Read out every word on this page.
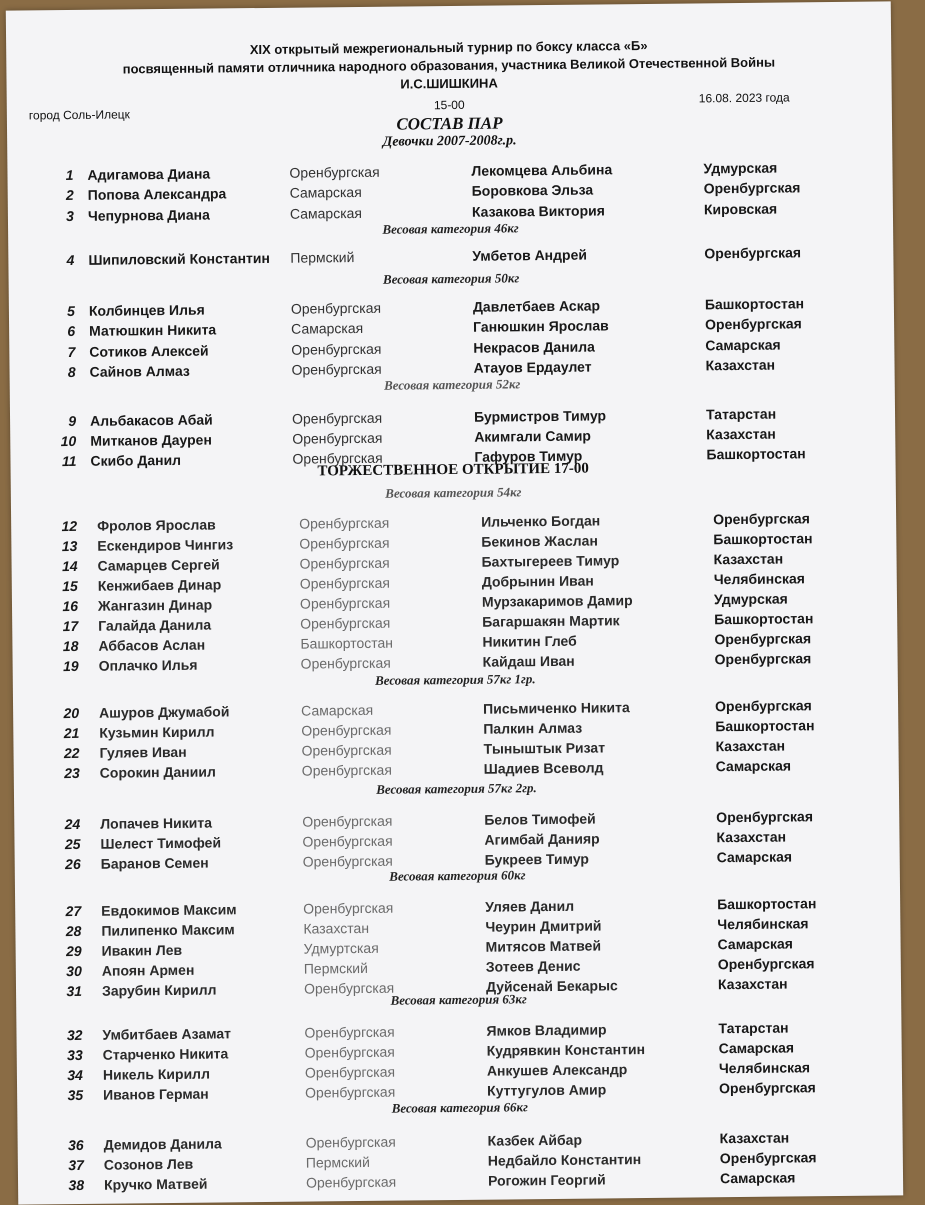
XIX открытый межрегиональный турнир по боксу класса «Б»
посвященный памяти отличника народного образования, участника Великой Отечественной Войны
И.С.ШИШКИНА
город Соль-Илецк
15-00	16.08. 2023 года
СОСТАВ ПАР
Девочки 2007-2008г.р.
Весовая категория 46кг
Весовая категория 50кг
Весовая категория 52кг
ТОРЖЕСТВЕННОЕ ОТКРЫТИЕ 17-00
Весовая категория 54кг
Весовая категория 57кг 1гр.
Весовая категория 57кг 2гр.
Весовая категория 60кг
Весовая категория 63кг
Весовая категория 66кг
1 Адигамова Диана	Оренбургская	Лекомцева Альбина	Удмурская
2 Попова Александра	Самарская	Боровкова Эльза	Оренбургская
3 Чепурнова Диана	Самарская	Казакова Виктория	Кировская
4 Шипиловский Константин Пермский	Умбетов Андрей	Оренбургская
5 Колбинцев Илья	Оренбургская	Давлетбаев Аскар	Башкортостан
6 Матюшкин Никита	Самарская	Ганюшкин Ярослав	Оренбургская
7 Сотиков Алексей	Оренбургская	Некрасов Данила	Самарская
8 Сайнов Алмаз	Оренбургская	Атауов Ердаулет	Казахстан
9 Альбакасов Абай	Оренбургская	Бурмистров Тимур	Татарстан
10 Митканов Даурен	Оренбургская	Акимгали Самир	Казахстан
11 Скибо Данил	Оренбургская	Гафуров Тимур	Башкортостан
12 Фролов Ярослав	Оренбургская	Ильченко Богдан	Оренбургская
13 Ескендиров Чингиз	Оренбургская	Бекинов Жаслан	Башкортостан
14 Самарцев Сергей	Оренбургская	Бахтыгереев Тимур	Казахстан
15 Кенжибаев Динар	Оренбургская	Добрынин Иван	Челябинская
16 Жангазин Динар	Оренбургская	Мурзакаримов Дамир	Удмурская
17 Галайда Данила	Оренбургская	Багаршакян Мартик	Башкортостан
18 Аббасов Аслан	Башкортостан	Никитин Глеб	Оренбургская
19 Оплачко Илья	Оренбургская	Кайдаш Иван	Оренбургская
20 Ашуров Джумабой	Самарская	Письмиченко Никита	Оренбургская
21 Кузьмин Кирилл	Оренбургская	Палкин Алмаз	Башкортостан
22 Гуляев Иван	Оренбургская	Тыныштык Ризат	Казахстан
23 Сорокин Даниил	Оренбургская	Шадиев Всеволд	Самарская
24 Лопачев Никита	Оренбургская	Белов Тимофей	Оренбургская
25 Шелест Тимофей	Оренбургская	Агимбай Данияр	Казахстан
26 Баранов Семен	Оренбургская	Букреев Тимур	Самарская
27 Евдокимов Максим	Оренбургская	Уляев Данил	Башкортостан
28 Пилипенко Максим	Казахстан	Чеурин Дмитрий	Челябинская
29 Ивакин Лев	Удмуртская	Митясов Матвей	Самарская
30 Апоян Армен	Пермский	Зотеев Денис	Оренбургская
31 Зарубин Кирилл	Оренбургская	Дуйсенай Бекарыс	Казахстан
32 Умбитбаев Азамат	Оренбургская	Ямков Владимир	Татарстан
33 Старченко Никита	Оренбургская	Кудрявкин Константин	Самарская
34 Никель Кирилл	Оренбургская	Анкушев Александр	Челябинская
35 Иванов Герман	Оренбургская	Куттугулов Амир	Оренбургская
36 Демидов Данила	Оренбургская	Казбек Айбар	Казахстан
37 Созонов Лев	Пермский	Недбайло Константин	Оренбургская
38 Кручко Матвей	Оренбургская	Рогожин Георгий	Самарская
